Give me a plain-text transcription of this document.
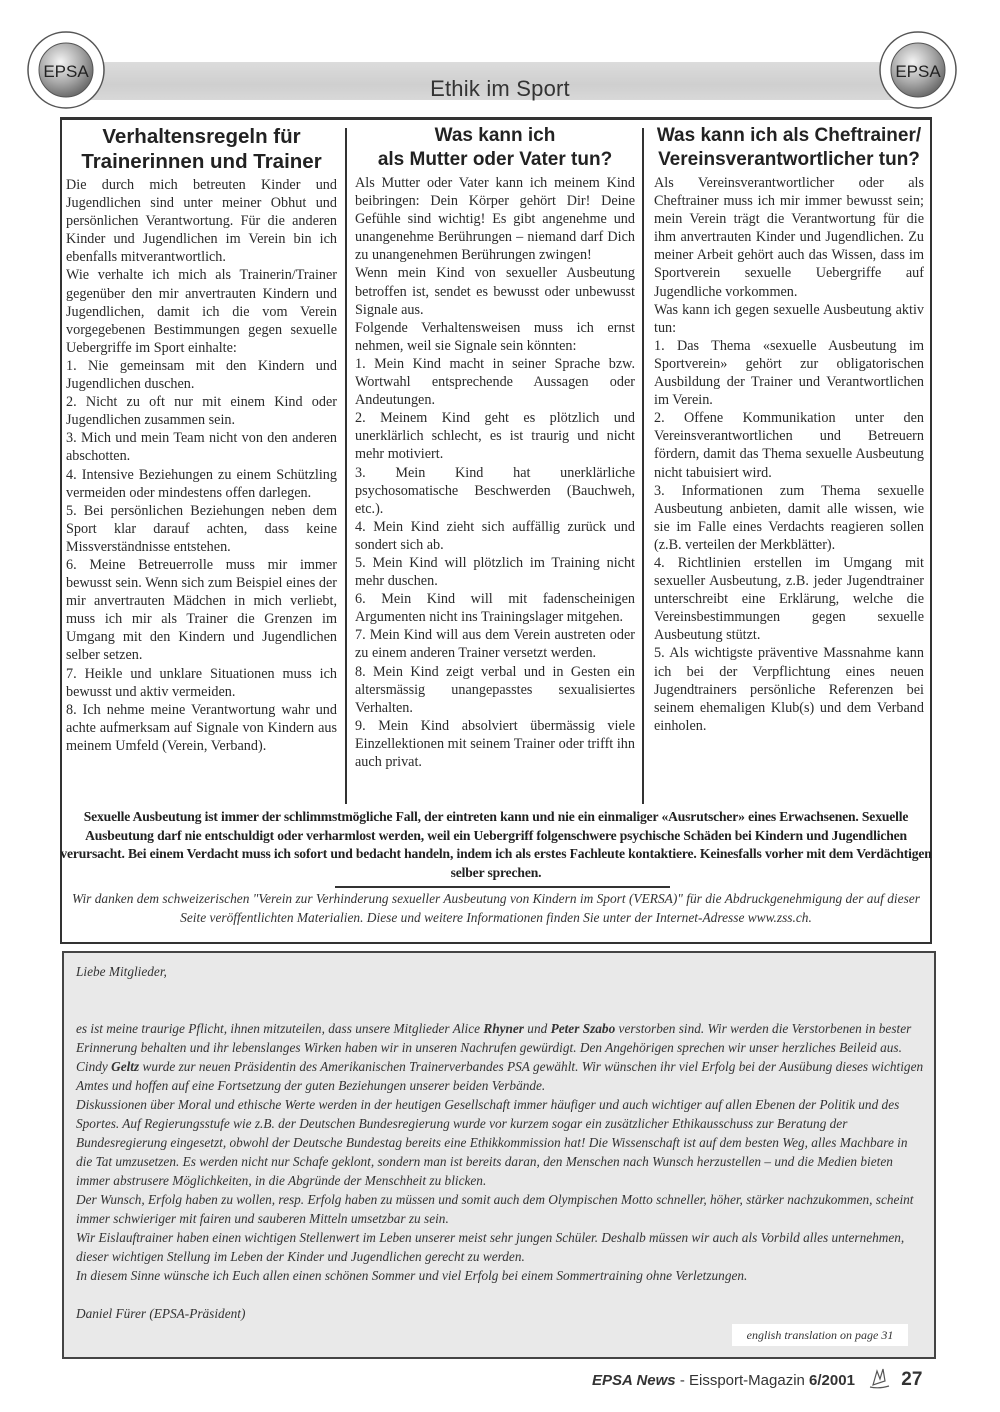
Ethik im Sport
EPSA	EPSA

Verhaltensregeln für
Trainerinnen und Trainer

Die durch mich betreuten Kinder und Jugendlichen sind unter meiner Obhut und persönlichen Verantwortung. Für die anderen Kinder und Jugendlichen im Verein bin ich ebenfalls mitverantwortlich.

Wie verhalte ich mich als Trainerin/Trainer gegenüber den mir anvertrauten Kindern und Jugendlichen, damit ich die vom Verein vorgegebenen Bestimmungen gegen sexuelle Uebergriffe im Sport einhalte:

1. Nie gemeinsam mit den Kindern und Jugendlichen duschen.

2. Nicht zu oft nur mit einem Kind oder Jugendlichen zusammen sein.

3. Mich und mein Team nicht von den anderen abschotten.

4. Intensive Beziehungen zu einem Schützling vermeiden oder mindestens offen darlegen.

5. Bei persönlichen Beziehungen neben dem Sport klar darauf achten, dass keine Missverständnisse entstehen.

6. Meine Betreuerrolle muss mir immer bewusst sein. Wenn sich zum Beispiel eines der mir anvertrauten Mädchen in mich verliebt, muss ich mir als Trainer die Grenzen im Umgang mit den Kindern und Jugendlichen selber setzen.

7. Heikle und unklare Situationen muss ich bewusst und aktiv vermeiden.

8. Ich nehme meine Verantwortung wahr und achte aufmerksam auf Signale von Kindern aus meinem Umfeld (Verein, Verband).

Was kann ich
als Mutter oder Vater tun?

Als Mutter oder Vater kann ich meinem Kind beibringen: Dein Körper gehört Dir! Deine Gefühle sind wichtig! Es gibt angenehme und unangenehme Berührungen – niemand darf Dich zu unangenehmen Berührungen zwingen!

Wenn mein Kind von sexueller Ausbeutung betroffen ist, sendet es bewusst oder unbewusst Signale aus.

Folgende Verhaltensweisen muss ich ernst nehmen, weil sie Signale sein könnten:

1. Mein Kind macht in seiner Sprache bzw. Wortwahl entsprechende Aussagen oder Andeutungen.

2. Meinem Kind geht es plötzlich und unerklärlich schlecht, es ist traurig und nicht mehr motiviert.

3. Mein Kind hat unerklärliche psychosomatische Beschwerden (Bauchweh, etc.).

4. Mein Kind zieht sich auffällig zurück und sondert sich ab.

5. Mein Kind will plötzlich im Training nicht mehr duschen.

6. Mein Kind will mit fadenscheinigen Argumenten nicht ins Trainingslager mitgehen.

7. Mein Kind will aus dem Verein austreten oder zu einem anderen Trainer versetzt werden.

8. Mein Kind zeigt verbal und in Gesten ein altersmässig unangepasstes sexualisiertes Verhalten.

9. Mein Kind absolviert übermässig viele Einzellektionen mit seinem Trainer oder trifft ihn auch privat.

Was kann ich als Cheftrainer/
Vereinsverantwortlicher tun?

Als Vereinsverantwortlicher oder als Cheftrainer muss ich mir immer bewusst sein; mein Verein trägt die Verantwortung für die ihm anvertrauten Kinder und Jugendlichen. Zu meiner Arbeit gehört auch das Wissen, dass im Sportverein sexuelle Uebergriffe auf Jugendliche vorkommen.

Was kann ich gegen sexuelle Ausbeutung aktiv tun:

1. Das Thema «sexuelle Ausbeutung im Sportverein» gehört zur obligatorischen Ausbildung der Trainer und Verantwortlichen im Verein.

2. Offene Kommunikation unter den Vereinsverantwortlichen und Betreuern fördern, damit das Thema sexuelle Ausbeutung nicht tabuisiert wird.

3. Informationen zum Thema sexuelle Ausbeutung anbieten, damit alle wissen, wie sie im Falle eines Verdachts reagieren sollen (z.B. verteilen der Merkblätter).

4. Richtlinien erstellen im Umgang mit sexueller Ausbeutung, z.B. jeder Jugendtrainer unterschreibt eine Erklärung, welche die Vereinsbestimmungen gegen sexuelle Ausbeutung stützt.

5. Als wichtigste präventive Massnahme kann ich bei der Verpflichtung eines neuen Jugendtrainers persönliche Referenzen bei seinem ehemaligen Klub(s) und dem Verband einholen.

Sexuelle Ausbeutung ist immer der schlimmstmögliche Fall, der eintreten kann und nie ein einmaliger «Ausrutscher» eines Erwachsenen. Sexuelle Ausbeutung darf nie entschuldigt oder verharmlost werden, weil ein Uebergriff folgenschwere psychische Schäden bei Kindern und Jugendlichen verursacht. Bei einem Verdacht muss ich sofort und bedacht handeln, indem ich als erstes Fachleute kontaktiere. Keinesfalls vorher mit dem Verdächtigen selber sprechen.
Wir danken dem schweizerischen "Verein zur Verhinderung sexueller Ausbeutung von Kindern im Sport (VERSA)" für die Abdruckgenehmigung der auf dieser Seite veröffentlichten Materialien. Diese und weitere Informationen finden Sie unter der Internet-Adresse www.zss.ch.

Liebe Mitglieder,

es ist meine traurige Pflicht, ihnen mitzuteilen, dass unsere Mitglieder Alice Rhyner und Peter Szabo verstorben sind. Wir werden die Verstorbenen in bester Erinnerung behalten und ihr lebenslanges Wirken haben wir in unseren Nachrufen gewürdigt. Den Angehörigen sprechen wir unser herzliches Beileid aus.

Cindy Geltz wurde zur neuen Präsidentin des Amerikanischen Trainerverbandes PSA gewählt. Wir wünschen ihr viel Erfolg bei der Ausübung dieses wichtigen Amtes und hoffen auf eine Fortsetzung der guten Beziehungen unserer beiden Verbände.

Diskussionen über Moral und ethische Werte werden in der heutigen Gesellschaft immer häufiger und auch wichtiger auf allen Ebenen der Politik und des Sportes. Auf Regierungsstufe wie z.B. der Deutschen Bundesregierung wurde vor kurzem sogar ein zusätzlicher Ethikausschuss zur Beratung der Bundesregierung eingesetzt, obwohl der Deutsche Bundestag bereits eine Ethikkommission hat! Die Wissenschaft ist auf dem besten Weg, alles Machbare in die Tat umzusetzen. Es werden nicht nur Schafe geklont, sondern man ist bereits daran, den Menschen nach Wunsch herzustellen – und die Medien bieten immer abstrusere Möglichkeiten, in die Abgründe der Menschheit zu blicken.

Der Wunsch, Erfolg haben zu wollen, resp. Erfolg haben zu müssen und somit auch dem Olympischen Motto schneller, höher, stärker nachzukommen, scheint immer schwieriger mit fairen und sauberen Mitteln umsetzbar zu sein.

Wir Eislauftrainer haben einen wichtigen Stellenwert im Leben unserer meist sehr jungen Schüler. Deshalb müssen wir auch als Vorbild alles unternehmen, dieser wichtigen Stellung im Leben der Kinder und Jugendlichen gerecht zu werden.

In diesem Sinne wünsche ich Euch allen einen schönen Sommer und viel Erfolg bei einem Sommertraining ohne Verletzungen.

Daniel Fürer (EPSA-Präsident)

english translation on page 31
EPSA News - Eissport-Magazin 6/2001 27
